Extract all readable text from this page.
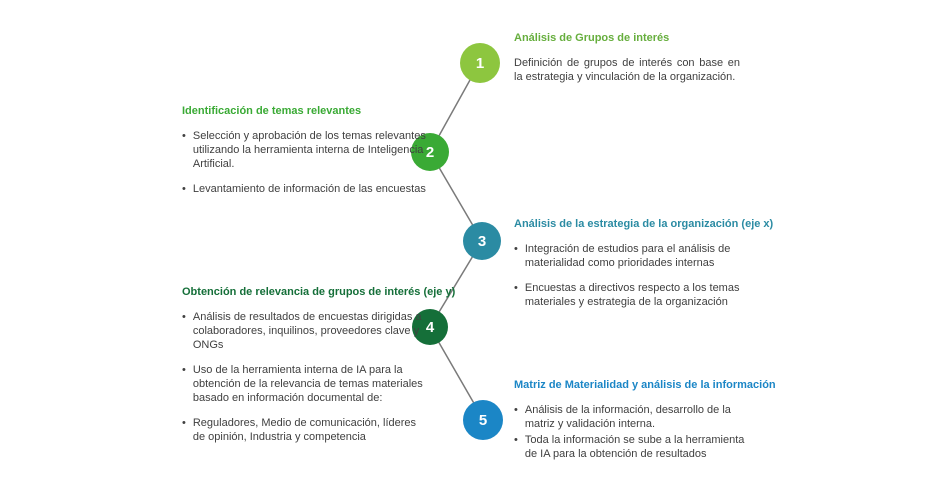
1
2
3
4
5
Análisis de Grupos de interés

Definición de grupos de interés con base en la estrategia y vinculación de la organización.

Identificación de temas relevantes
• Selección y aprobación de los temas relevantes utilizando la herramienta interna de Inteligencia Artificial.
• Levantamiento de información de las encuestas
Análisis de la estrategia de la organización (eje x)
• Integración de estudios para el análisis de materialidad como prioridades internas
• Encuestas a directivos respecto a los temas materiales y estrategia de la organización
Obtención de relevancia de grupos de interés (eje y)
• Análisis de resultados de encuestas dirigidas a colaboradores, inquilinos, proveedores clave y ONGs
• Uso de la herramienta interna de IA para la obtención de la relevancia de temas materiales basado en información documental de:
• Reguladores, Medio de comunicación, líderes de opinión, Industria y competencia
Matriz de Materialidad y análisis de la información
• Análisis de la información, desarrollo de la matriz y validación interna.
• Toda la información se sube a la herramienta de IA para la obtención de resultados
